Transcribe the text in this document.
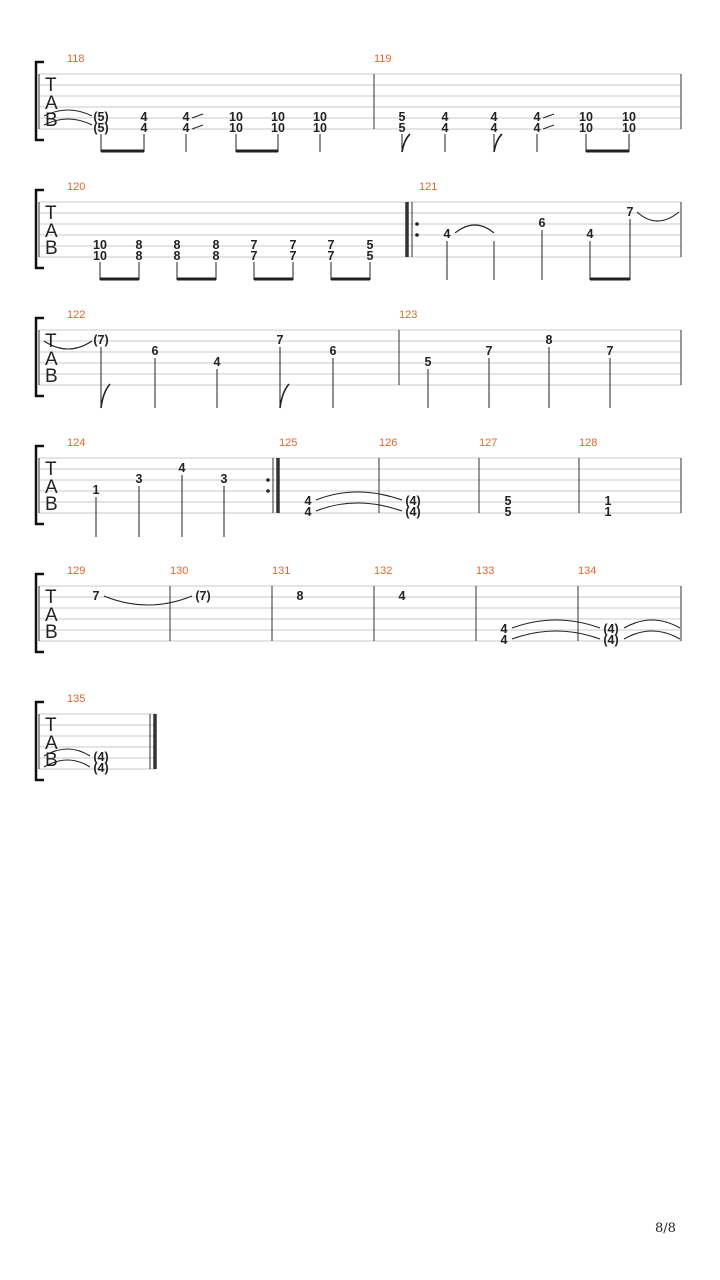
T
A
B
118	119
(5)
(5)
4
4
4
4
10
10
10
10
10
10
5
5
4
4
4
4
4
4
10
10
10
10
T
A
B
120	121
10
10
8
8
8
8
8
8
7
7
7
7
7
7
5
5
4
6
4
7
T
A
B
122	123
(7)
6
4
7
6
5
7
8
7
T
A
B
124	125	126	127	128
1
3
4
3
4
4
(4)
(4)
5
5
1
1
T
A
B
129	130	131	132	133	134
7	(7)	8	4
4
4
(4)
(4)
T
A
B
135
(4)
(4)
8/8
